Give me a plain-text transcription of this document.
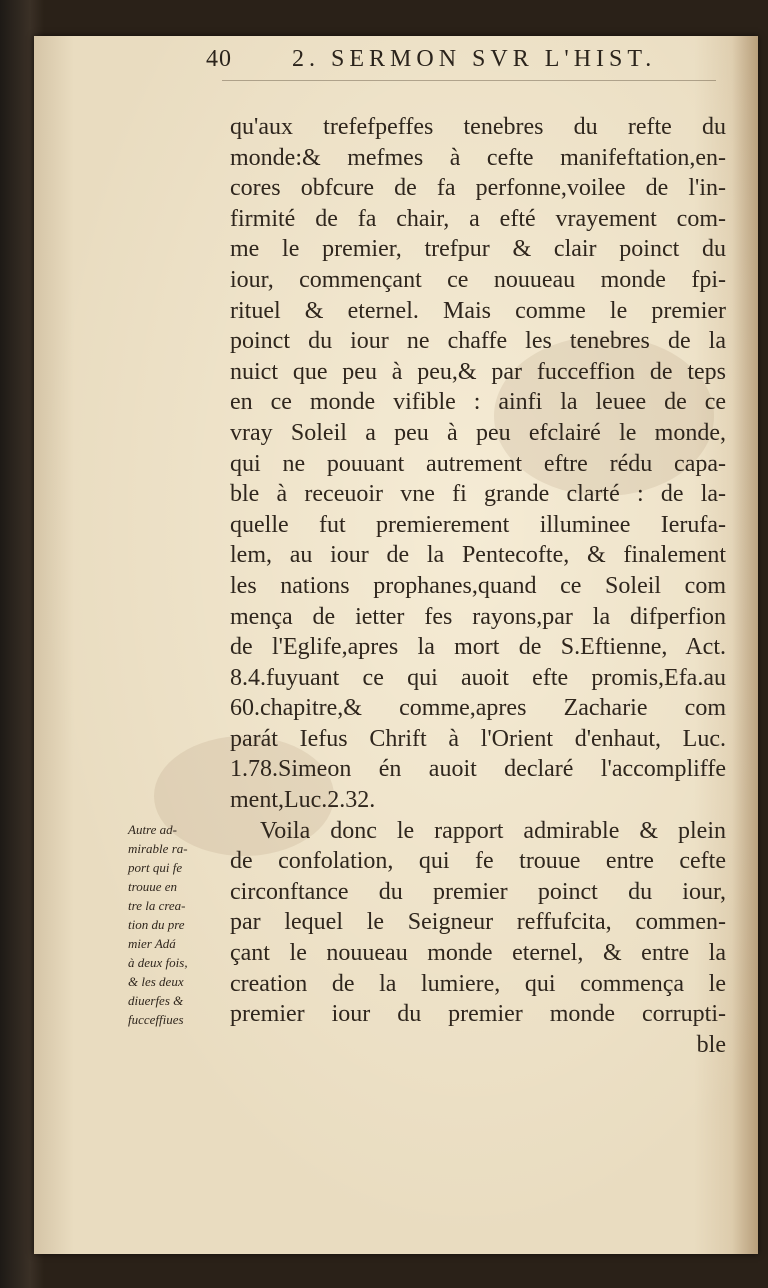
40	2. SERMON SVR L'HIST.
qu'aux trefefpeffes tenebres du refte du
monde:& mefmes à cefte manifeftation,en-
cores obfcure de fa perfonne,voilee de l'in-
firmité de fa chair, a efté vrayement com-
me le premier, trefpur & clair poinct du
iour, commençant ce nouueau monde fpi-
rituel & eternel. Mais comme le premier
poinct du iour ne chaffe les tenebres de la
nuict que peu à peu,& par fucceffion de teps
en ce monde vifible : ainfi la leuee de ce
vray Soleil a peu à peu efclairé le monde,
qui ne pouuant autrement eftre rédu capa-
ble à receuoir vne fi grande clarté : de la-
quelle fut premierement illuminee Ierufa-
lem, au iour de la Pentecofte, & finalement
les nations prophanes,quand ce Soleil com
mença de ietter fes rayons,par la difperfion
de l'Eglife,apres la mort de S.Eftienne, Act.
8.4.fuyuant ce qui auoit efte promis,Efa.au
60.chapitre,& comme,apres Zacharie com
parát Iefus Chrift à l'Orient d'enhaut, Luc.
1.78.Simeon én auoit declaré l'accompliffe
ment,Luc.2.32.
Voila donc le rapport admirable & plein
de confolation, qui fe trouue entre cefte
circonftance du premier poinct du iour,
par lequel le Seigneur reffufcita, commen-
çant le nouueau monde eternel, & entre la
creation de la lumiere, qui commença le
premier iour du premier monde corrupti-
ble
Autre ad-
mirable ra-
port qui fe
trouue en
tre la crea-
tion du pre
mier Adá
à deux fois,
& les deux
diuerfes &
fucceffiues
